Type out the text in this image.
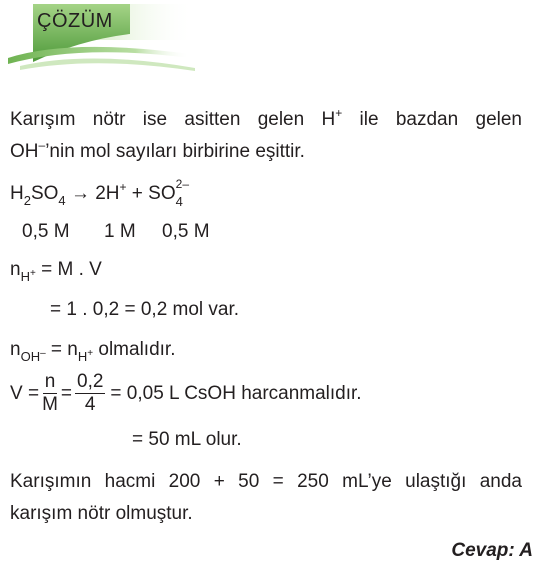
ÇÖZÜM
Karışım nötr ise asitten gelen H+ ile bazdan gelen
OH–’nin mol sayıları birbirine eşittir.
$H_2SO_4 \to 2H^+$ + SO 2–
4
0,5 M 1 M 0,5 M
$n_{H^+} = M$ . V
= 1 . 0,2 = 0,2 mol var.
$n_{OH^-} = n_{H^+}$ olmalıdır.
$V = \frac{n}{M} = \frac{0,2}{4} = 0,05$ L CsOH harcanmalıdır.
= 50 mL olur.
Karışımın hacmi 200 + 50 = 250 mL’ye ulaştığı anda
karışım nötr olmuştur.
Cevap: A
